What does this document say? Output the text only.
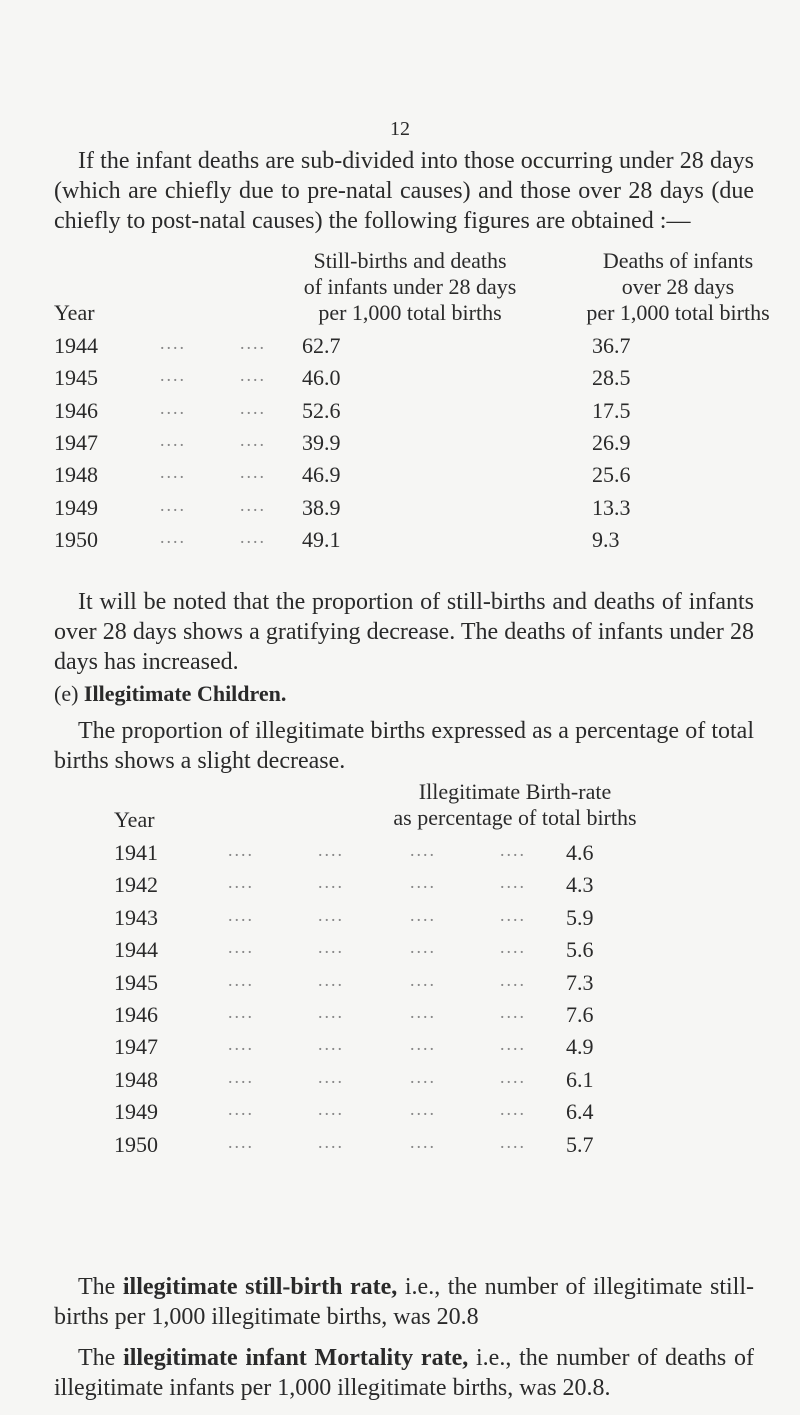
12

If the infant deaths are sub-divided into those occurring under 28 days (which are chiefly due to pre-natal causes) and those over 28 days (due chiefly to post-natal causes) the following figures are obtained :—

Year
Still-births and deaths
of infants under 28 days
per 1,000 total births
Deaths of infants
over 28 days
per 1,000 total births
1944	....	.... 62.7	36.7
1945	....	.... 46.0	28.5
1946	....	.... 52.6	17.5
1947	....	.... 39.9	26.9
1948	....	.... 46.9	25.6
1949	....	.... 38.9	13.3
1950	....	.... 49.1	9.3

It will be noted that the proportion of still-births and deaths of infants over 28 days shows a gratifying decrease. The deaths of infants under 28 days has increased.

(e) Illegitimate Children.

The proportion of illegitimate births expressed as a percentage of total births shows a slight decrease.

Year
Illegitimate Birth-rate
as percentage of total births
1941	....	....	....	.... 4.6
1942	....	....	....	.... 4.3
1943	....	....	....	.... 5.9
1944	....	....	....	.... 5.6
1945	....	....	....	.... 7.3
1946	....	....	....	.... 7.6
1947	....	....	....	.... 4.9
1948	....	....	....	.... 6.1
1949	....	....	....	.... 6.4
1950	....	....	....	.... 5.7

The illegitimate still-birth rate, i.e., the number of illegitimate still-births per 1,000 illegitimate births, was 20.8

The illegitimate infant Mortality rate, i.e., the number of deaths of illegitimate infants per 1,000 illegitimate births, was 20.8.
